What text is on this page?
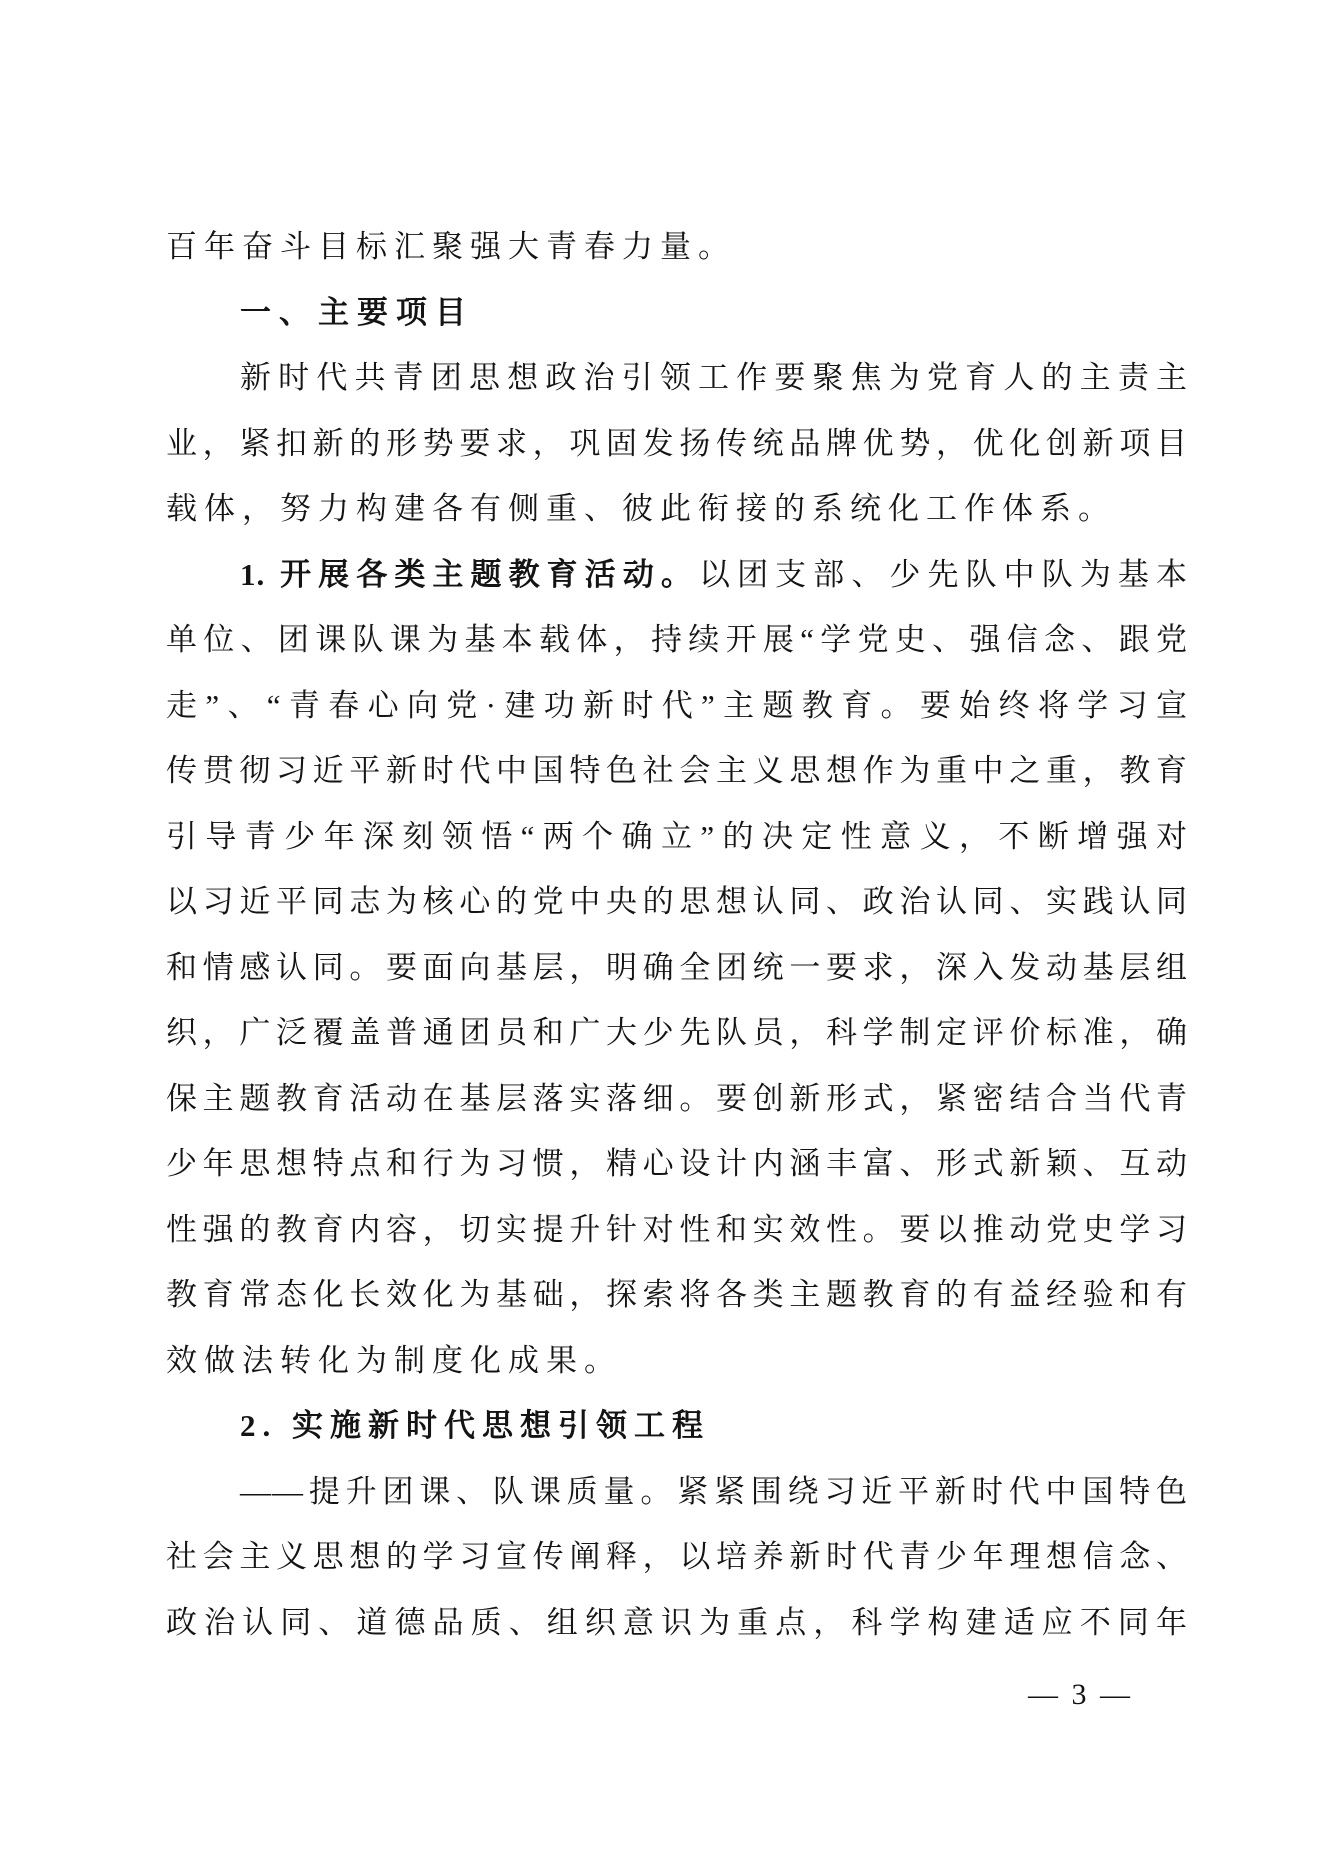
百年奋斗目标汇聚强大青春力量。
一、主要项目
新时代共青团思想政治引领工作要聚焦为党育人的主责主
业，紧扣新的形势要求，巩固发扬传统品牌优势，优化创新项目
载体，努力构建各有侧重、彼此衔接的系统化工作体系。
1. 开展各类主题教育活动。以团支部、少先队中队为基本
单位、团课队课为基本载体，持续开展“学党史、强信念、跟党
走”、“青春心向党·建功新时代”主题教育。要始终将学习宣
传贯彻习近平新时代中国特色社会主义思想作为重中之重，教育
引导青少年深刻领悟“两个确立”的决定性意义，不断增强对
以习近平同志为核心的党中央的思想认同、政治认同、实践认同
和情感认同。要面向基层，明确全团统一要求，深入发动基层组
织，广泛覆盖普通团员和广大少先队员，科学制定评价标准，确
保主题教育活动在基层落实落细。要创新形式，紧密结合当代青
少年思想特点和行为习惯，精心设计内涵丰富、形式新颖、互动
性强的教育内容，切实提升针对性和实效性。要以推动党史学习
教育常态化长效化为基础，探索将各类主题教育的有益经验和有
效做法转化为制度化成果。
2. 实施新时代思想引领工程
——提升团课、队课质量。紧紧围绕习近平新时代中国特色
社会主义思想的学习宣传阐释，以培养新时代青少年理想信念、
政治认同、道德品质、组织意识为重点，科学构建适应不同年
— 3 —
